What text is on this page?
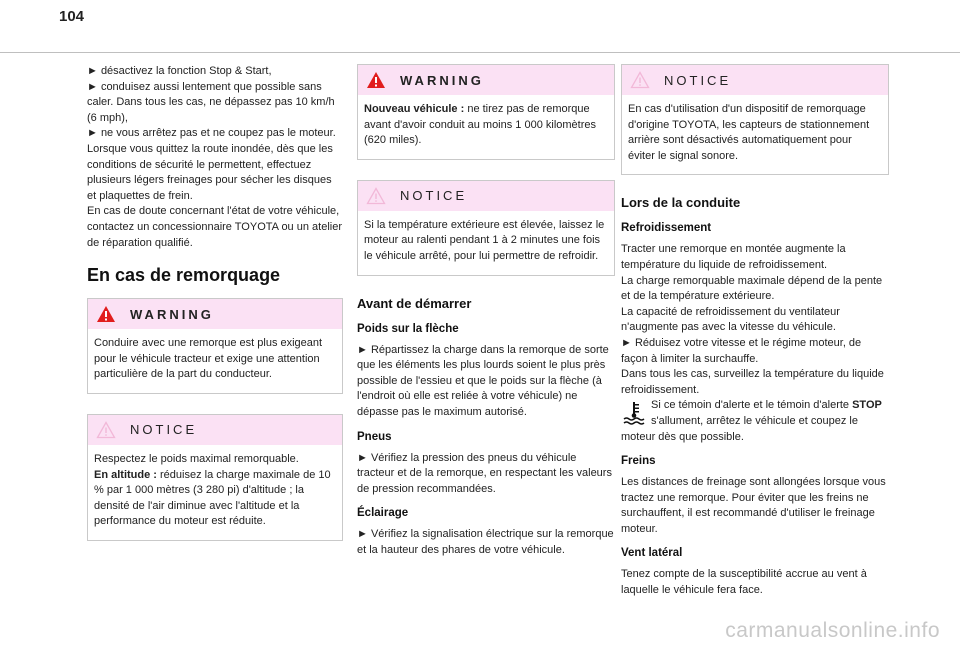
104

► désactivez la fonction Stop & Start,
► conduisez aussi lentement que possible sans caler. Dans tous les cas, ne dépassez pas 10 km/h (6 mph),
► ne vous arrêtez pas et ne coupez pas le moteur.
Lorsque vous quittez la route inondée, dès que les conditions de sécurité le permettent, effectuez plusieurs légers freinages pour sécher les disques et plaquettes de frein.
En cas de doute concernant l'état de votre véhicule, contactez un concessionnaire TOYOTA ou un atelier de réparation qualifié.

En cas de remorquage
WARNING
Conduire avec une remorque est plus exigeant pour le véhicule tracteur et exige une attention particulière de la part du conducteur.
NOTICE
Respectez le poids maximal remorquable.
En altitude : réduisez la charge maximale de 10 % par 1 000 mètres (3 280 pi) d'altitude ; la densité de l'air diminue avec l'altitude et la performance du moteur est réduite.
WARNING
Nouveau véhicule : ne tirez pas de remorque avant d'avoir conduit au moins 1 000 kilomètres (620 miles).
NOTICE
Si la température extérieure est élevée, laissez le moteur au ralenti pendant 1 à 2 minutes une fois le véhicule arrêté, pour lui permettre de refroidir.
Avant de démarrer
Poids sur la flèche

► Répartissez la charge dans la remorque de sorte que les éléments les plus lourds soient le plus près possible de l'essieu et que le poids sur la flèche (à l'endroit où elle est reliée à votre véhicule) ne dépasse pas le maximum autorisé.

Pneus

► Vérifiez la pression des pneus du véhicule tracteur et de la remorque, en respectant les valeurs de pression recommandées.

Éclairage

► Vérifiez la signalisation électrique sur la remorque et la hauteur des phares de votre véhicule.

NOTICE
En cas d'utilisation d'un dispositif de remorquage d'origine TOYOTA, les capteurs de stationnement arrière sont désactivés automatiquement pour éviter le signal sonore.
Lors de la conduite
Refroidissement

Tracter une remorque en montée augmente la température du liquide de refroidissement.
La charge remorquable maximale dépend de la pente et de la température extérieure.
La capacité de refroidissement du ventilateur n'augmente pas avec la vitesse du véhicule.
► Réduisez votre vitesse et le régime moteur, de façon à limiter la surchauffe.
Dans tous les cas, surveillez la température du liquide refroidissement.

Si ce témoin d'alerte et le témoin d'alerte STOP s'allument, arrêtez le véhicule et coupez le moteur dès que possible.

Freins

Les distances de freinage sont allongées lorsque vous tractez une remorque. Pour éviter que les freins ne surchauffent, il est recommandé d'utiliser le freinage moteur.

Vent latéral

Tenez compte de la susceptibilité accrue au vent à laquelle le véhicule fera face.

carmanualsonline.info
